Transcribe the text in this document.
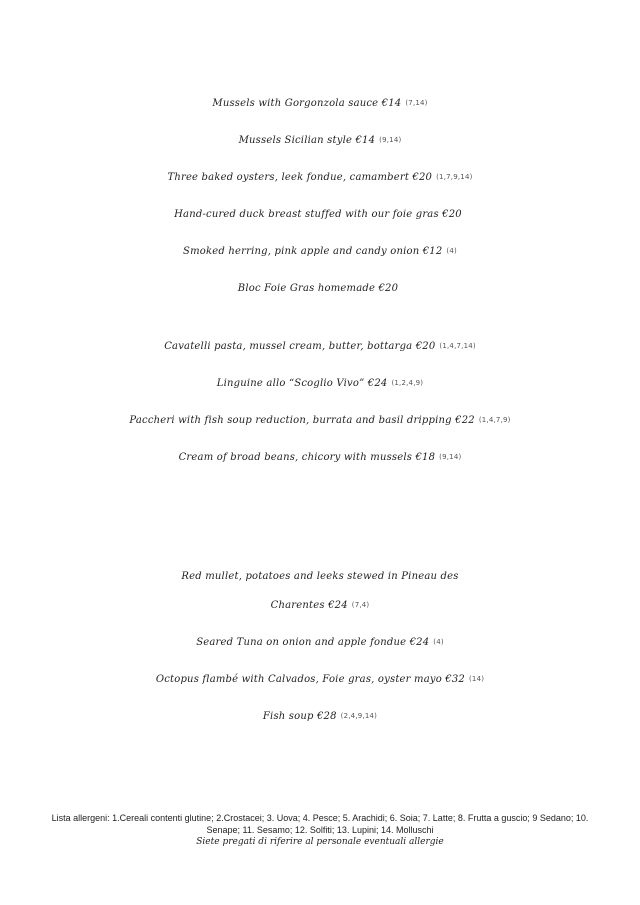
Mussels with Gorgonzola sauce €14 (7,14)
Mussels Sicilian style €14 (9,14)
Three baked oysters, leek fondue, camambert €20 (1,7,9,14)
Hand-cured duck breast stuffed with our foie gras €20
Smoked herring, pink apple and candy onion €12 (4)
Bloc Foie Gras homemade €20
Cavatelli pasta, mussel cream, butter, bottarga €20 (1,4,7,14)
Linguine allo “Scoglio Vivo” €24 (1,2,4,9)
Paccheri with fish soup reduction, burrata and basil dripping €22 (1,4,7,9)
Cream of broad beans, chicory with mussels €18 (9,14)
Red mullet, potatoes and leeks stewed in Pineau des Charentes €24 (7,4)
Seared Tuna on onion and apple fondue €24 (4)
Octopus flambé with Calvados, Foie gras, oyster mayo €32 (14)
Fish soup €28 (2,4,9,14)
Lista allergeni: 1.Cereali contenti glutine; 2.Crostacei; 3. Uova; 4. Pesce; 5. Arachidi; 6. Soia; 7. Latte; 8. Frutta a guscio; 9 Sedano; 10. Senape; 11. Sesamo; 12. Solfiti; 13. Lupini; 14. Molluschi
Siete pregati di riferire al personale eventuali allergie
